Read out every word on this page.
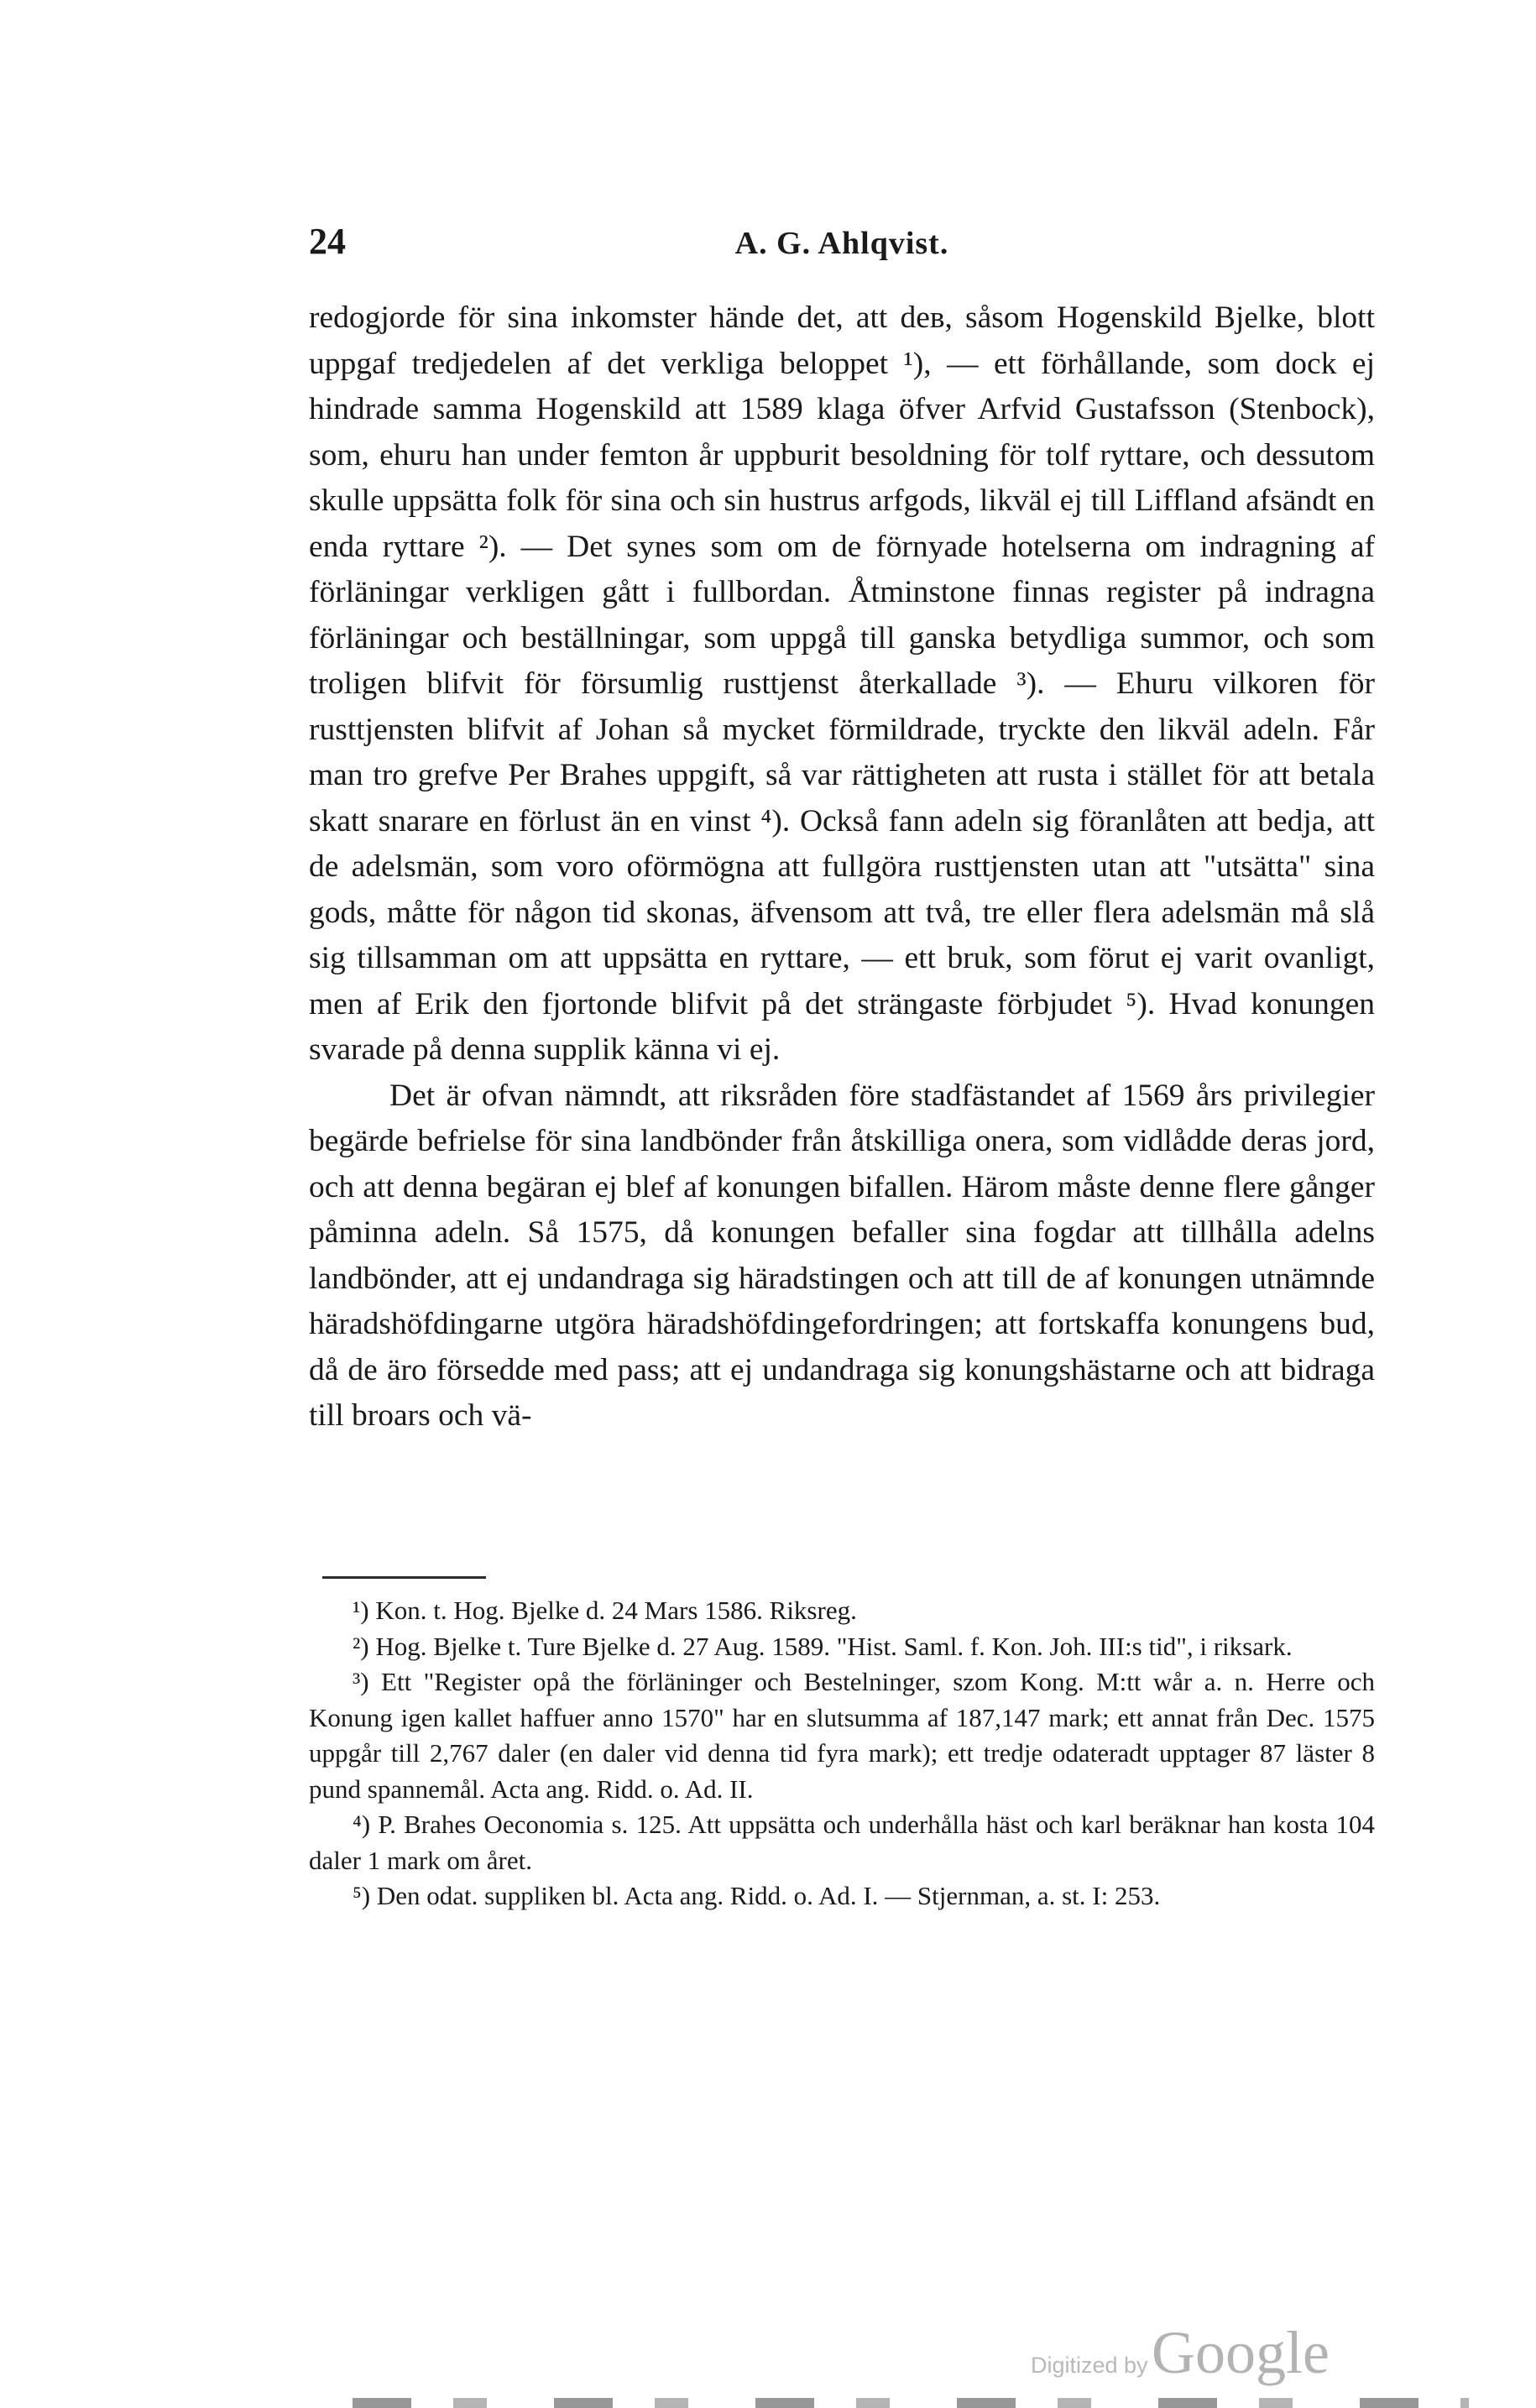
24	A. G. Ahlqvist.

redogjorde för sina inkomster hände det, att deв, såsom Hogenskild Bjelke, blott uppgaf tredjedelen af det verkliga beloppet ¹), — ett förhållande, som dock ej hindrade samma Hogenskild att 1589 klaga öfver Arfvid Gustafsson (Stenbock), som, ehuru han under femton år uppburit besoldning för tolf ryttare, och dessutom skulle uppsätta folk för sina och sin hustrus arfgods, likväl ej till Liffland afsändt en enda ryttare ²). — Det synes som om de förnyade hotelserna om indragning af förläningar verkligen gått i fullbordan. Åtminstone finnas register på indragna förläningar och beställningar, som uppgå till ganska betydliga summor, och som troligen blifvit för försumlig rusttjenst återkallade ³). — Ehuru vilkoren för rusttjensten blifvit af Johan så mycket förmildrade, tryckte den likväl adeln. Får man tro grefve Per Brahes uppgift, så var rättigheten att rusta i stället för att betala skatt snarare en förlust än en vinst ⁴). Också fann adeln sig föranlåten att bedja, att de adelsmän, som voro oförmögna att fullgöra rusttjensten utan att "utsätta" sina gods, måtte för någon tid skonas, äfvensom att två, tre eller flera adelsmän må slå sig tillsamman om att uppsätta en ryttare, — ett bruk, som förut ej varit ovanligt, men af Erik den fjortonde blifvit på det strängaste förbjudet ⁵). Hvad konungen svarade på denna supplik känna vi ej.

Det är ofvan nämndt, att riksråden före stadfästandet af 1569 års privilegier begärde befrielse för sina landbönder från åtskilliga onera, som vidlådde deras jord, och att denna begäran ej blef af konungen bifallen. Härom måste denne flere gånger påminna adeln. Så 1575, då konungen befaller sina fogdar att tillhålla adelns landbönder, att ej undandraga sig häradstingen och att till de af konungen utnämnde häradshöfdingarne utgöra häradshöfdingefordringen; att fortskaffa konungens bud, då de äro försedde med pass; att ej undandraga sig konungshästarne och att bidraga till broars och vä-

¹) Kon. t. Hog. Bjelke d. 24 Mars 1586. Riksreg.

²) Hog. Bjelke t. Ture Bjelke d. 27 Aug. 1589. "Hist. Saml. f. Kon. Joh. III:s tid", i riksark.

³) Ett "Register opå the förläninger och Bestelninger, szom Kong. M:tt wår a. n. Herre och Konung igen kallet haffuer anno 1570" har en slutsumma af 187,147 mark; ett annat från Dec. 1575 uppgår till 2,767 daler (en daler vid denna tid fyra mark); ett tredje odateradt upptager 87 läster 8 pund spannemål. Acta ang. Ridd. o. Ad. II.

⁴) P. Brahes Oeconomia s. 125. Att uppsätta och underhålla häst och karl beräknar han kosta 104 daler 1 mark om året.

⁵) Den odat. suppliken bl. Acta ang. Ridd. o. Ad. I. — Stjernman, a. st. I: 253.

Digitized by Google
